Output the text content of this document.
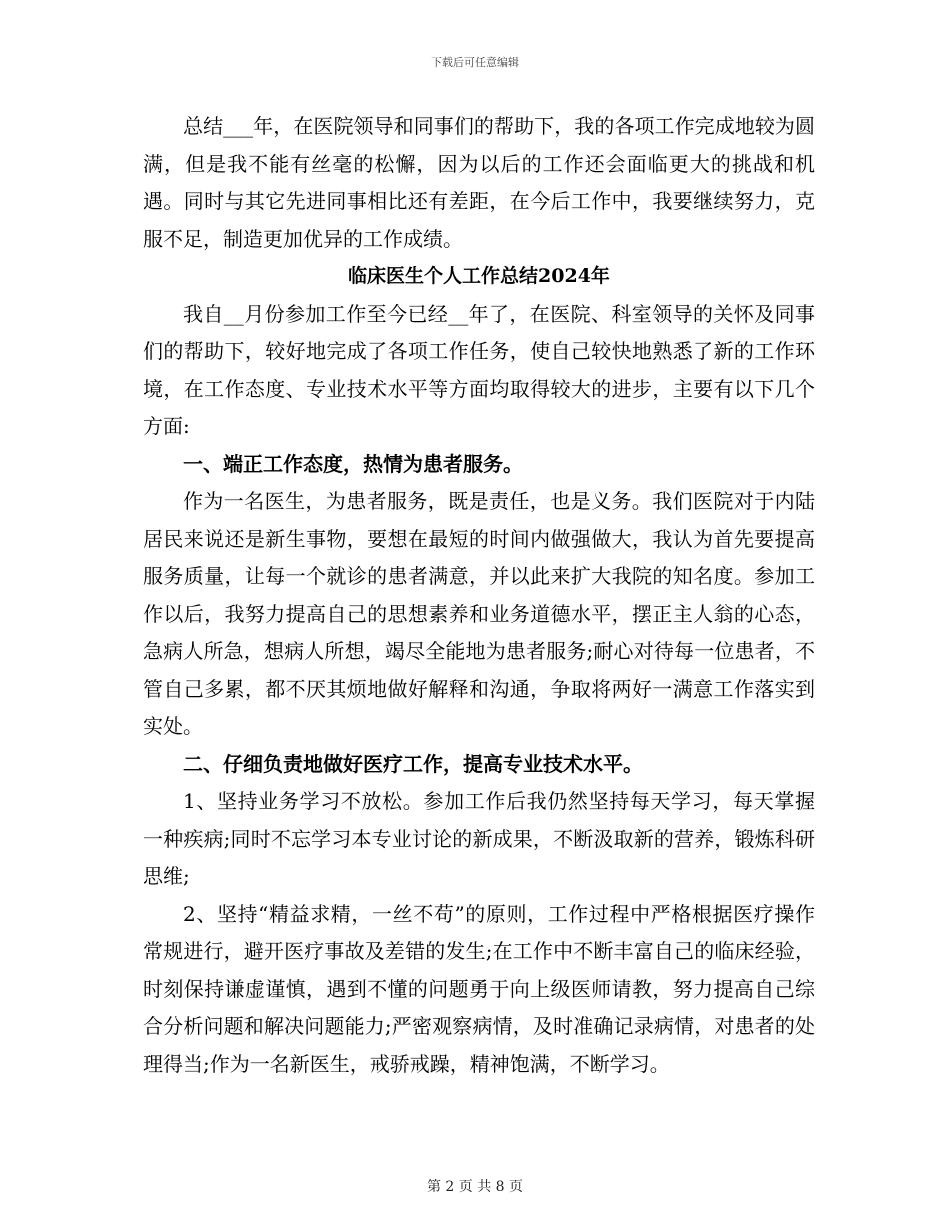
下载后可任意编辑

总结___年，在医院领导和同事们的帮助下，我的各项工作完成地较为圆满，但是我不能有丝毫的松懈，因为以后的工作还会面临更大的挑战和机遇。同时与其它先进同事相比还有差距，在今后工作中，我要继续努力，克服不足，制造更加优异的工作成绩。

临床医生个人工作总结2024年

我自__月份参加工作至今已经__年了，在医院、科室领导的关怀及同事们的帮助下，较好地完成了各项工作任务，使自己较快地熟悉了新的工作环境，在工作态度、专业技术水平等方面均取得较大的进步，主要有以下几个方面:

一、端正工作态度，热情为患者服务。

作为一名医生，为患者服务，既是责任，也是义务。我们医院对于内陆居民来说还是新生事物，要想在最短的时间内做强做大，我认为首先要提高服务质量，让每一个就诊的患者满意，并以此来扩大我院的知名度。参加工作以后，我努力提高自己的思想素养和业务道德水平，摆正主人翁的心态，急病人所急，想病人所想，竭尽全能地为患者服务;耐心对待每一位患者，不管自己多累，都不厌其烦地做好解释和沟通，争取将两好一满意工作落实到实处。

二、仔细负责地做好医疗工作，提高专业技术水平。

1、坚持业务学习不放松。参加工作后我仍然坚持每天学习，每天掌握一种疾病;同时不忘学习本专业讨论的新成果，不断汲取新的营养，锻炼科研思维;

2、坚持“精益求精，一丝不苟”的原则，工作过程中严格根据医疗操作常规进行，避开医疗事故及差错的发生;在工作中不断丰富自己的临床经验，时刻保持谦虚谨慎，遇到不懂的问题勇于向上级医师请教，努力提高自己综合分析问题和解决问题能力;严密观察病情，及时准确记录病情，对患者的处理得当;作为一名新医生，戒骄戒躁，精神饱满，不断学习。

第 2 页 共 8 页
